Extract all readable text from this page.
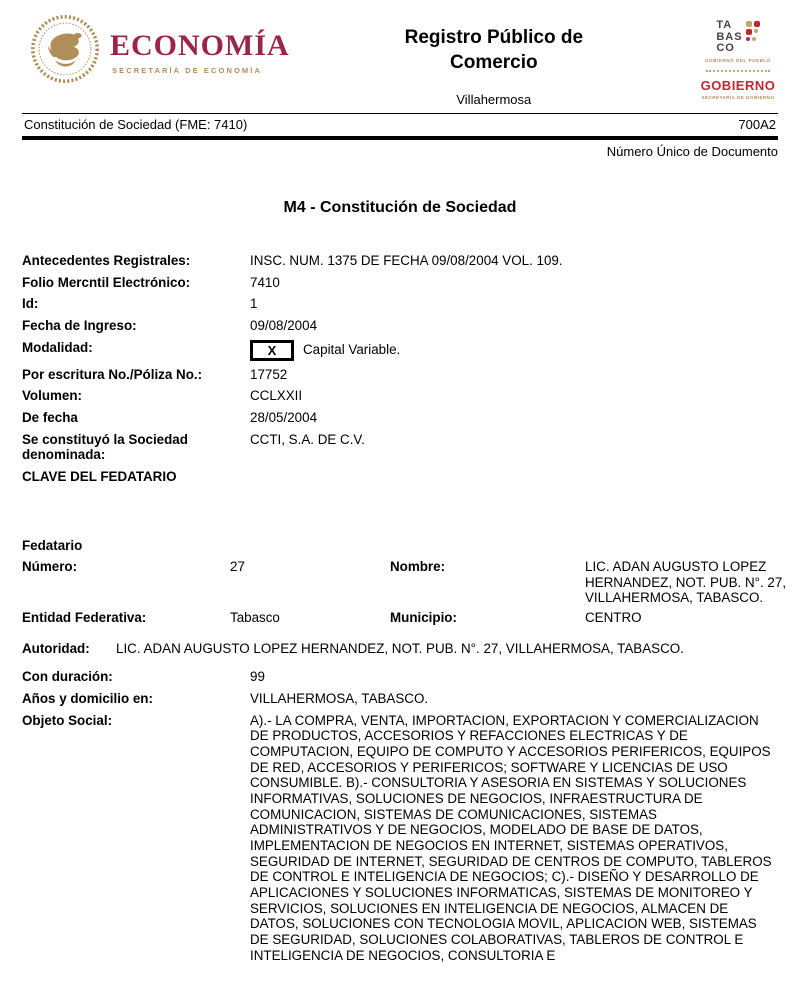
ECONOMÍA
SECRETARÍA DE ECONOMÍA
Registro Público de Comercio
Villahermosa
TA
BAS
CO
GOBIERNO DEL PUEBLO
GOBIERNO
SECRETARÍA DE GOBIERNO
Constitución de Sociedad (FME: 7410)	700A2
Número Único de Documento
M4 - Constitución de Sociedad
Antecedentes Registrales:	INSC. NUM. 1375 DE FECHA 09/08/2004 VOL. 109.
Folio Mercntil Electrónico:	7410
Id:	1
Fecha de Ingreso:	09/08/2004
Modalidad:	X	Capital Variable.
Por escritura No./Póliza No.:	17752
Volumen:	CCLXXII
De fecha	28/05/2004
Se constituyó la Sociedad denominada:
CCTI, S.A. DE C.V.
CLAVE DEL FEDATARIO
Fedatario
Número:	27	Nombre:	LIC. ADAN AUGUSTO LOPEZ HERNANDEZ, NOT. PUB. N°. 27, VILLAHERMOSA, TABASCO.
Entidad Federativa:	Tabasco	Municipio:	CENTRO
Autoridad:	LIC. ADAN AUGUSTO LOPEZ HERNANDEZ, NOT. PUB. N°. 27, VILLAHERMOSA, TABASCO.
Con duración:	99
Años y domicilio en:	VILLAHERMOSA, TABASCO.
Objeto Social:	A).- LA COMPRA, VENTA, IMPORTACION, EXPORTACION Y COMERCIALIZACION DE PRODUCTOS, ACCESORIOS Y REFACCIONES ELECTRICAS Y DE COMPUTACION, EQUIPO DE COMPUTO Y ACCESORIOS PERIFERICOS, EQUIPOS DE RED, ACCESORIOS Y PERIFERICOS; SOFTWARE Y LICENCIAS DE USO CONSUMIBLE. B).- CONSULTORIA Y ASESORIA EN SISTEMAS Y SOLUCIONES INFORMATIVAS, SOLUCIONES DE NEGOCIOS, INFRAESTRUCTURA DE COMUNICACION, SISTEMAS DE COMUNICACIONES, SISTEMAS ADMINISTRATIVOS Y DE NEGOCIOS, MODELADO DE BASE DE DATOS, IMPLEMENTACION DE NEGOCIOS EN INTERNET, SISTEMAS OPERATIVOS, SEGURIDAD DE INTERNET, SEGURIDAD DE CENTROS DE COMPUTO, TABLEROS DE CONTROL E INTELIGENCIA DE NEGOCIOS; C).- DISEÑO Y DESARROLLO DE APLICACIONES Y SOLUCIONES INFORMATICAS, SISTEMAS DE MONITOREO Y SERVICIOS, SOLUCIONES EN INTELIGENCIA DE NEGOCIOS, ALMACEN DE DATOS, SOLUCIONES CON TECNOLOGIA MOVIL, APLICACION WEB, SISTEMAS DE SEGURIDAD, SOLUCIONES COLABORATIVAS, TABLEROS DE CONTROL E INTELIGENCIA DE NEGOCIOS, CONSULTORIA E
